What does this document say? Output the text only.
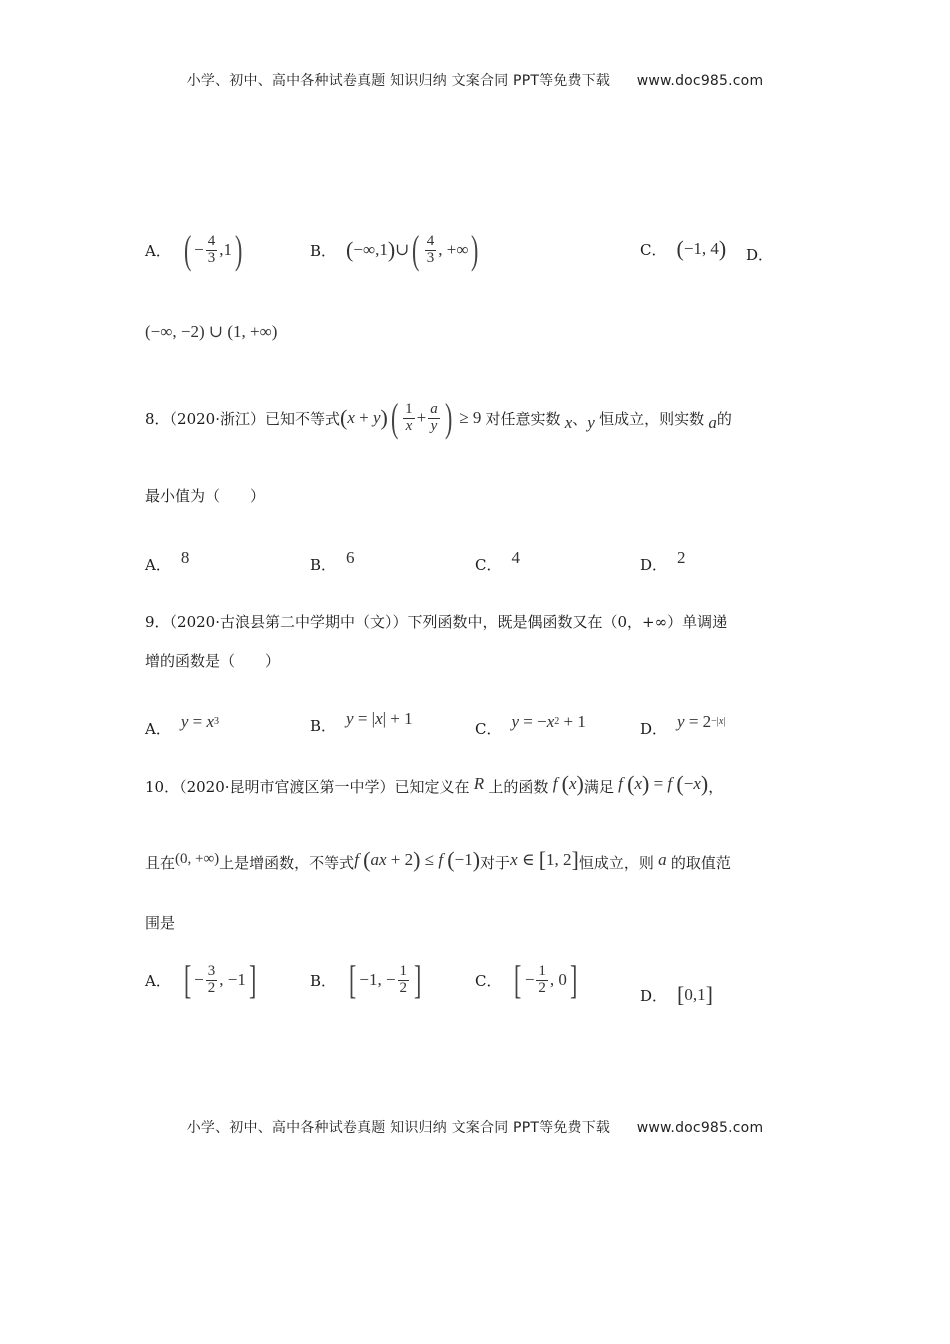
小学、初中、高中各种试卷真题 知识归纳 文案合同 PPT等免费下载 www.doc985.com
A． ( − $\frac{4}{3} ,1$ )	B． ( −∞,1 ) ∪ ( $\frac{4}{3}$ , +∞ )	C． ( −1, 4 ) D．
(−∞, −2) ∪ (1, +∞)
8．（2020·浙江）已知不等式 ( x + y ) ( $\frac{1}{x} + \frac{a}{y}$ ) ≥ 9 对任意实数 x 、 y 恒成立，则实数 a 的
最小值为（　　）
A． 8	B． 6	C． 4	D． 2
9．（2020·古浪县第二中学期中（文））下列函数中，既是偶函数又在（0，+∞）单调递
增的函数是（　　）
A． y = x 3	B． y = | x | + 1
C． y = − x 2 + 1	D． y = 2 −|x|
10．（2020·昆明市官渡区第一中学）已知定义在 R 上的函数
f
( x ) 满足
f
( x ) = f
( − x ) ，
且在 (0, +∞) 上是增函数，不等式 f
( ax + 2 ) ≤ f
( −1 ) 对于 x ∈ [ 1, 2 ] 恒成立，则 a 的取值范
围是
A． [ − $\frac{3}{2}$ , −1 ]	B． [ −1, − $\frac{1}{2}$ ]	C． [ − $\frac{1}{2}$ , 0 ]	D． [ 0,1 ]
小学、初中、高中各种试卷真题 知识归纳 文案合同 PPT等免费下载 www.doc985.com
